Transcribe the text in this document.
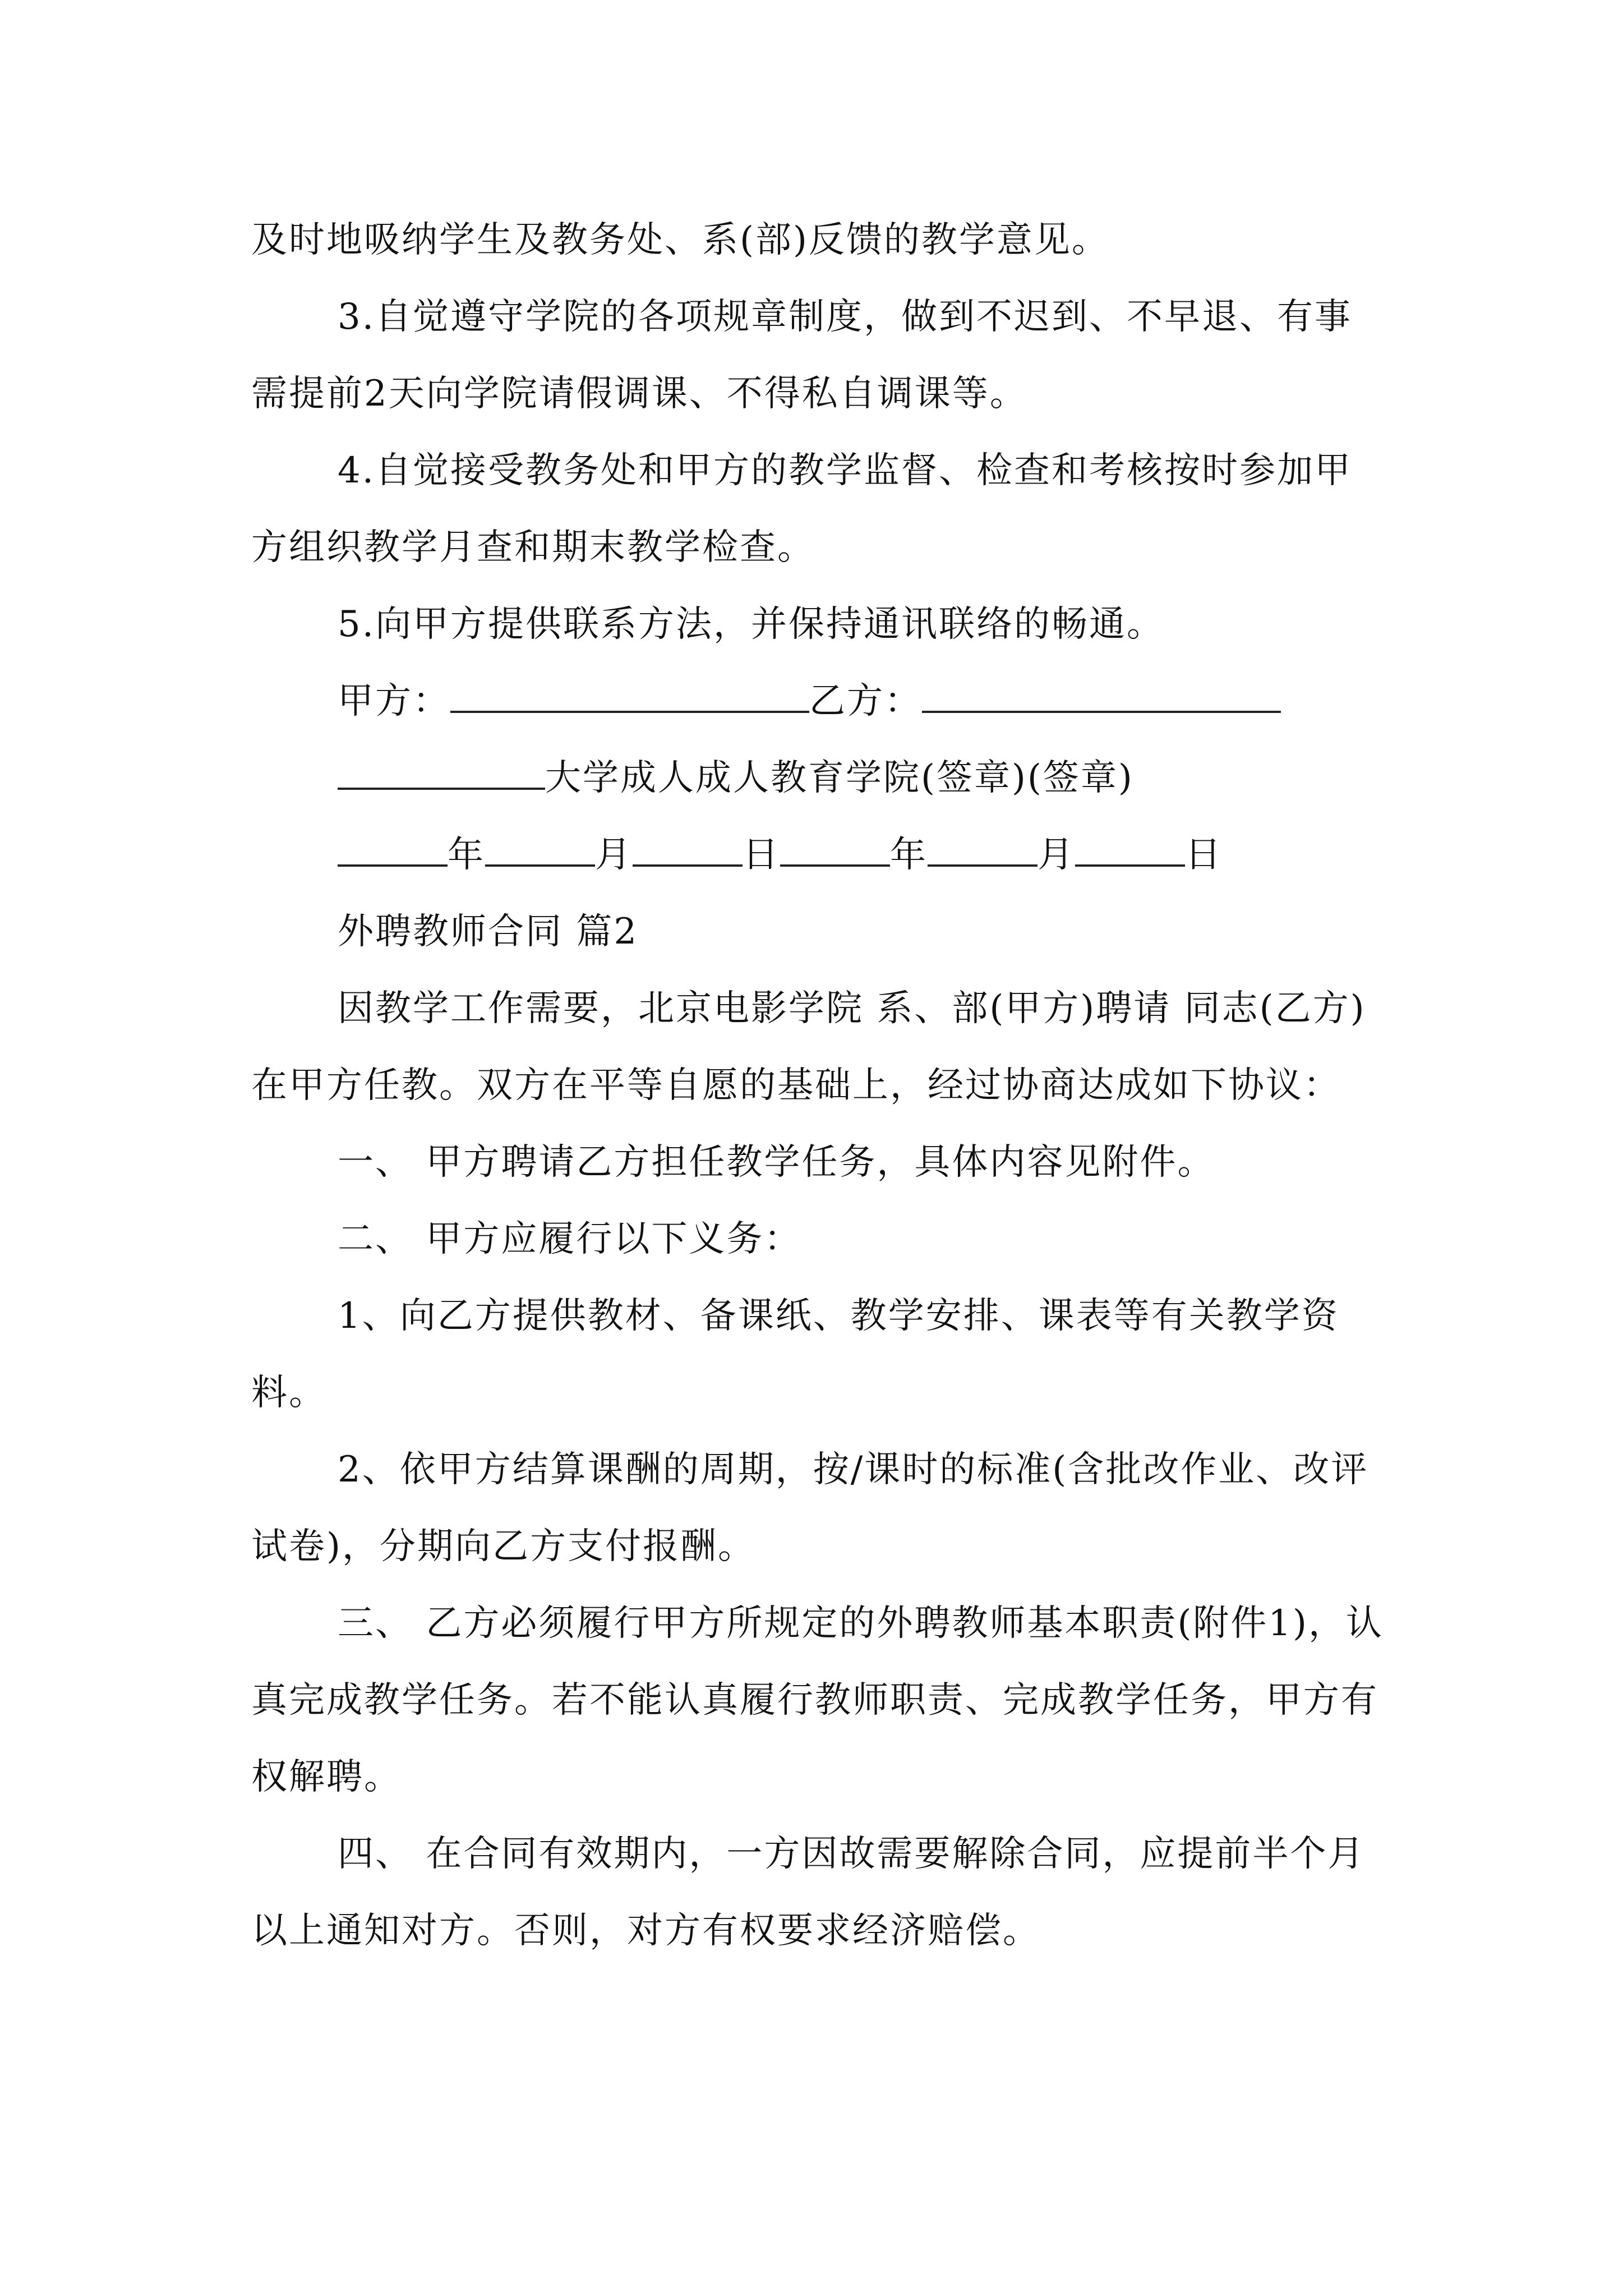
及时地吸纳学生及教务处、系(部)反馈的教学意见。

3.自觉遵守学院的各项规章制度，做到不迟到、不早退、有事需提前2天向学院请假调课、不得私自调课等。

4.自觉接受教务处和甲方的教学监督、检查和考核按时参加甲方组织教学月查和期末教学检查。

5.向甲方提供联系方法，并保持通讯联络的畅通。

甲方：	乙方：
大学成人成人教育学院(签章)(签章)
年	月	日	年	月	日

外聘教师合同 篇2

因教学工作需要，北京电影学院 系、部(甲方)聘请 同志(乙方)在甲方任教。双方在平等自愿的基础上，经过协商达成如下协议：

一、 甲方聘请乙方担任教学任务，具体内容见附件。

二、 甲方应履行以下义务：

1、向乙方提供教材、备课纸、教学安排、课表等有关教学资料。

2、依甲方结算课酬的周期，按/课时的标准(含批改作业、改评试卷)，分期向乙方支付报酬。

三、 乙方必须履行甲方所规定的外聘教师基本职责(附件1)，认真完成教学任务。若不能认真履行教师职责、完成教学任务，甲方有权解聘。

四、 在合同有效期内，一方因故需要解除合同，应提前半个月以上通知对方。否则，对方有权要求经济赔偿。
